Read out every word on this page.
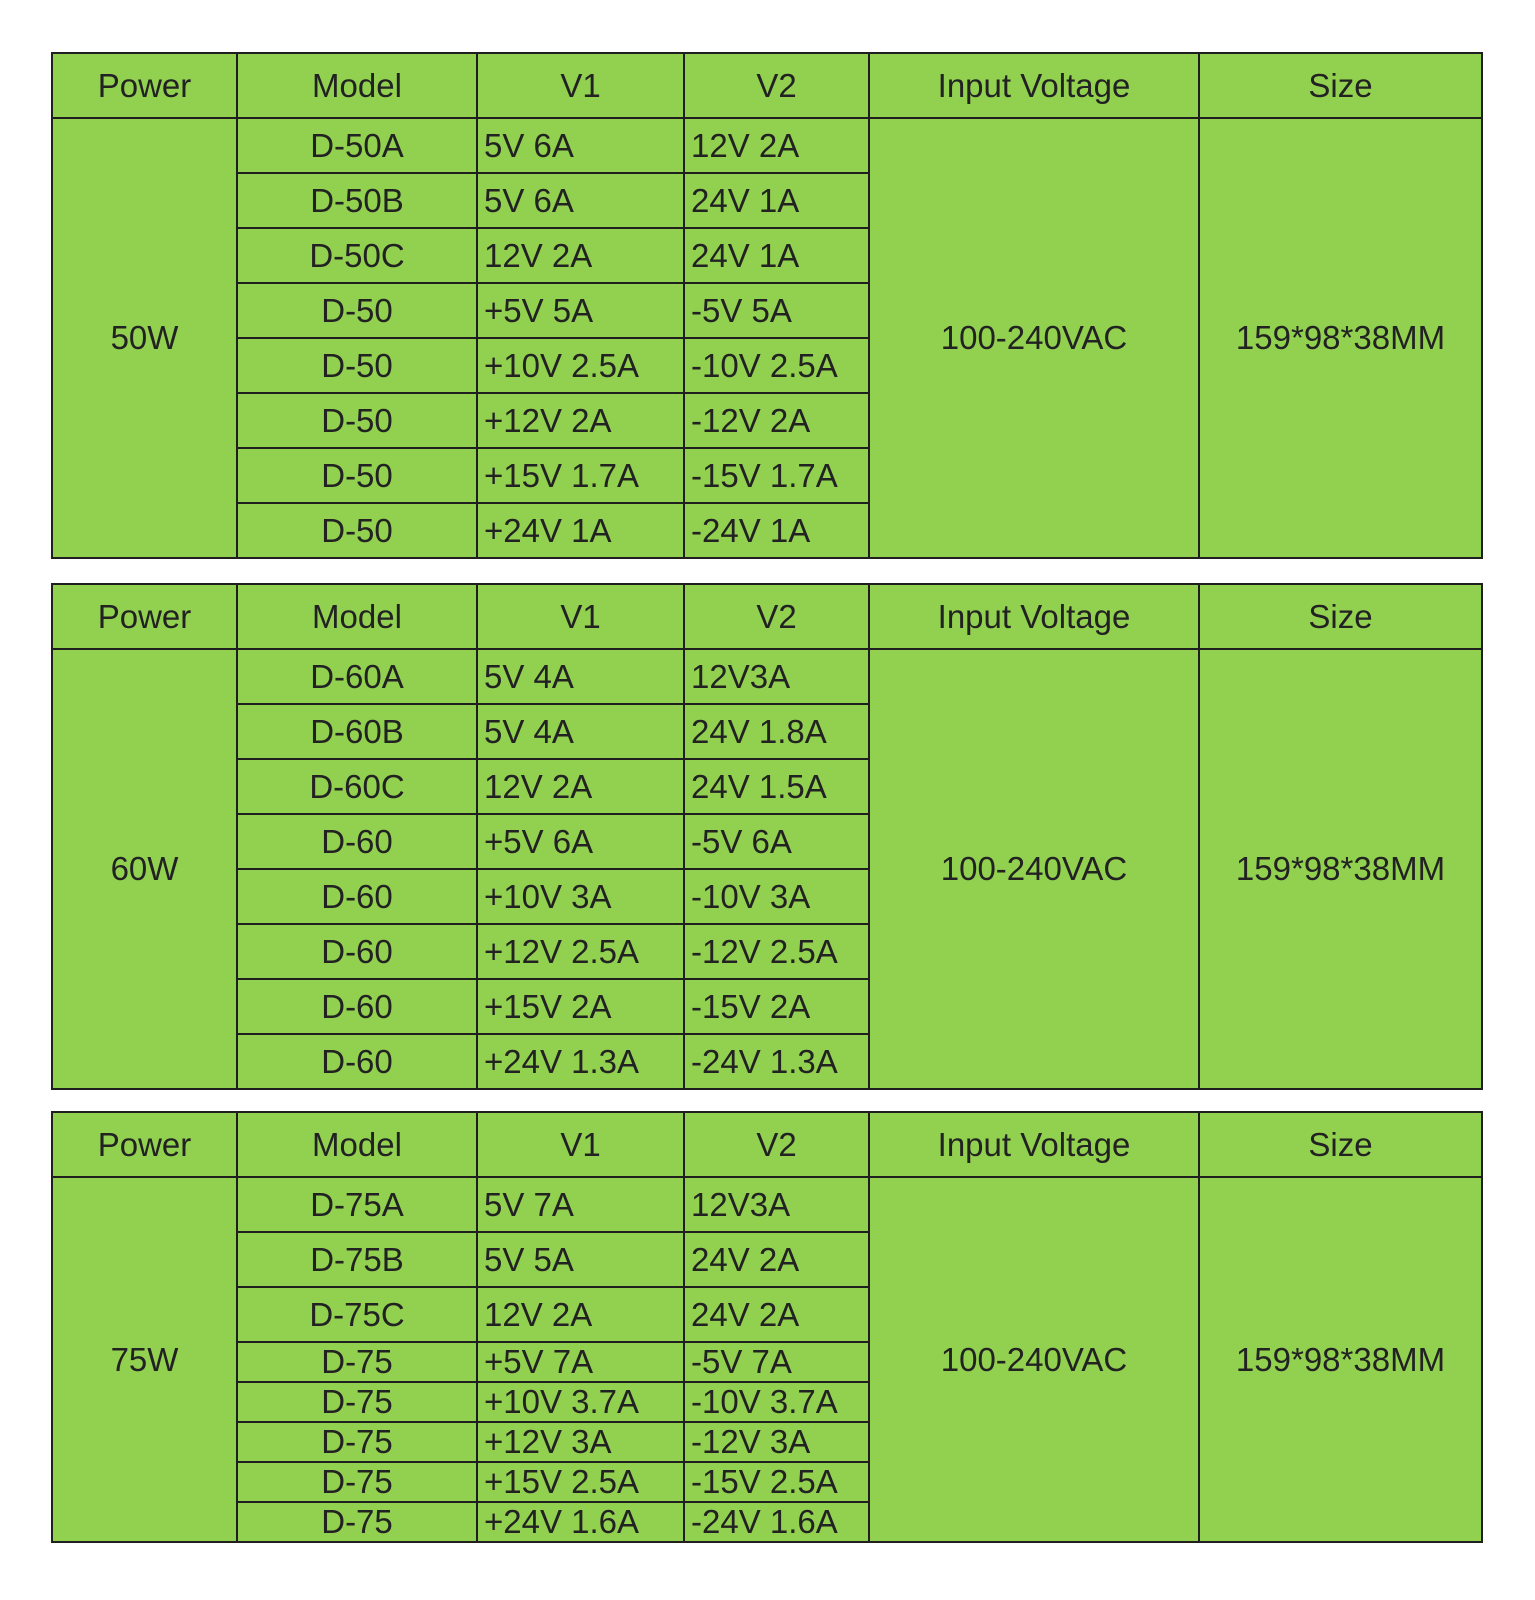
Power	Model	V1	V2	Input Voltage	Size
50W	D-50A	5V 6A	12V 2A	100-240VAC	159*98*38MM
	D-50B	5V 6A	24V 1A		
	D-50C	12V 2A	24V 1A		
	D-50	+5V 5A	-5V 5A		
	D-50	+10V 2.5A	-10V 2.5A		
	D-50	+12V 2A	-12V 2A		
	D-50	+15V 1.7A	-15V 1.7A		
	D-50	+24V 1A	-24V 1A		
Power	Model	V1	V2	Input Voltage	Size
60W	D-60A	5V 4A	12V3A	100-240VAC	159*98*38MM
	D-60B	5V 4A	24V 1.8A		
	D-60C	12V 2A	24V 1.5A		
	D-60	+5V 6A	-5V 6A		
	D-60	+10V 3A	-10V 3A		
	D-60	+12V 2.5A	-12V 2.5A		
	D-60	+15V 2A	-15V 2A		
	D-60	+24V 1.3A	-24V 1.3A		
Power	Model	V1	V2	Input Voltage	Size
75W	D-75A	5V 7A	12V3A	100-240VAC	159*98*38MM
	D-75B	5V 5A	24V 2A		
	D-75C	12V 2A	24V 2A		
	D-75	+5V 7A	-5V 7A		
	D-75	+10V 3.7A	-10V 3.7A		
	D-75	+12V 3A	-12V 3A		
	D-75	+15V 2.5A	-15V 2.5A		
	D-75	+24V 1.6A	-24V 1.6A		
